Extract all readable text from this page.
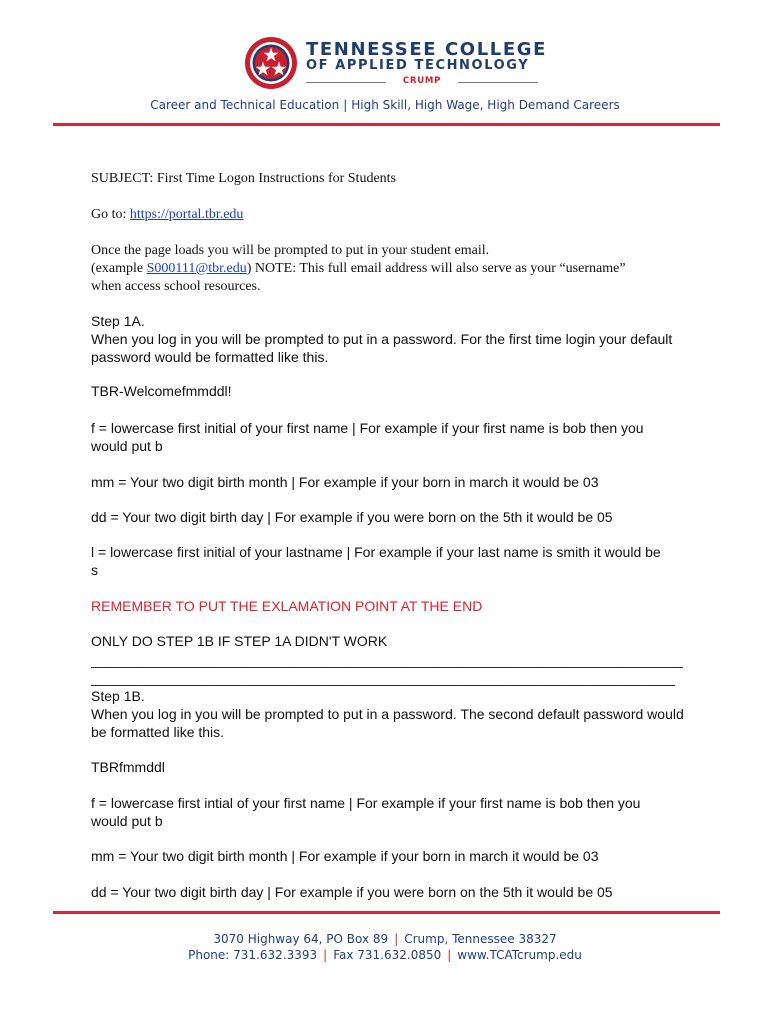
TENNESSEE COLLEGE
OF APPLIED TECHNOLOGY
CRUMP
Career and Technical Education | High Skill, High Wage, High Demand Careers

SUBJECT: First Time Logon Instructions for Students

Go to: https://portal.tbr.edu

Once the page loads you will be prompted to put in your student email.
(example S000111@tbr.edu) NOTE: This full email address will also serve as your “username”
when access school resources.

Step 1A.
When you log in you will be prompted to put in a password. For the first time login your default password would be formatted like this.

TBR-Welcomefmmddl!

f = lowercase first initial of your first name | For example if your first name is bob then you would put b

mm = Your two digit birth month | For example if your born in march it would be 03

dd = Your two digit birth day | For example if you were born on the 5th it would be 05

l = lowercase first initial of your lastname | For example if your last name is smith it would be s

REMEMBER TO PUT THE EXLAMATION POINT AT THE END

ONLY DO STEP 1B IF STEP 1A DIDN'T WORK

____________________________________________________________________________

___________________________________________________________________________

Step 1B.
When you log in you will be prompted to put in a password. The second default password would be formatted like this.

TBRfmmddl

f = lowercase first intial of your first name | For example if your first name is bob then you would put b

mm = Your two digit birth month | For example if your born in march it would be 03

dd = Your two digit birth day | For example if you were born on the 5th it would be 05

3070 Highway 64, PO Box 89 | Crump, Tennessee 38327
Phone: 731.632.3393 | Fax 731.632.0850 | www.TCATcrump.edu
